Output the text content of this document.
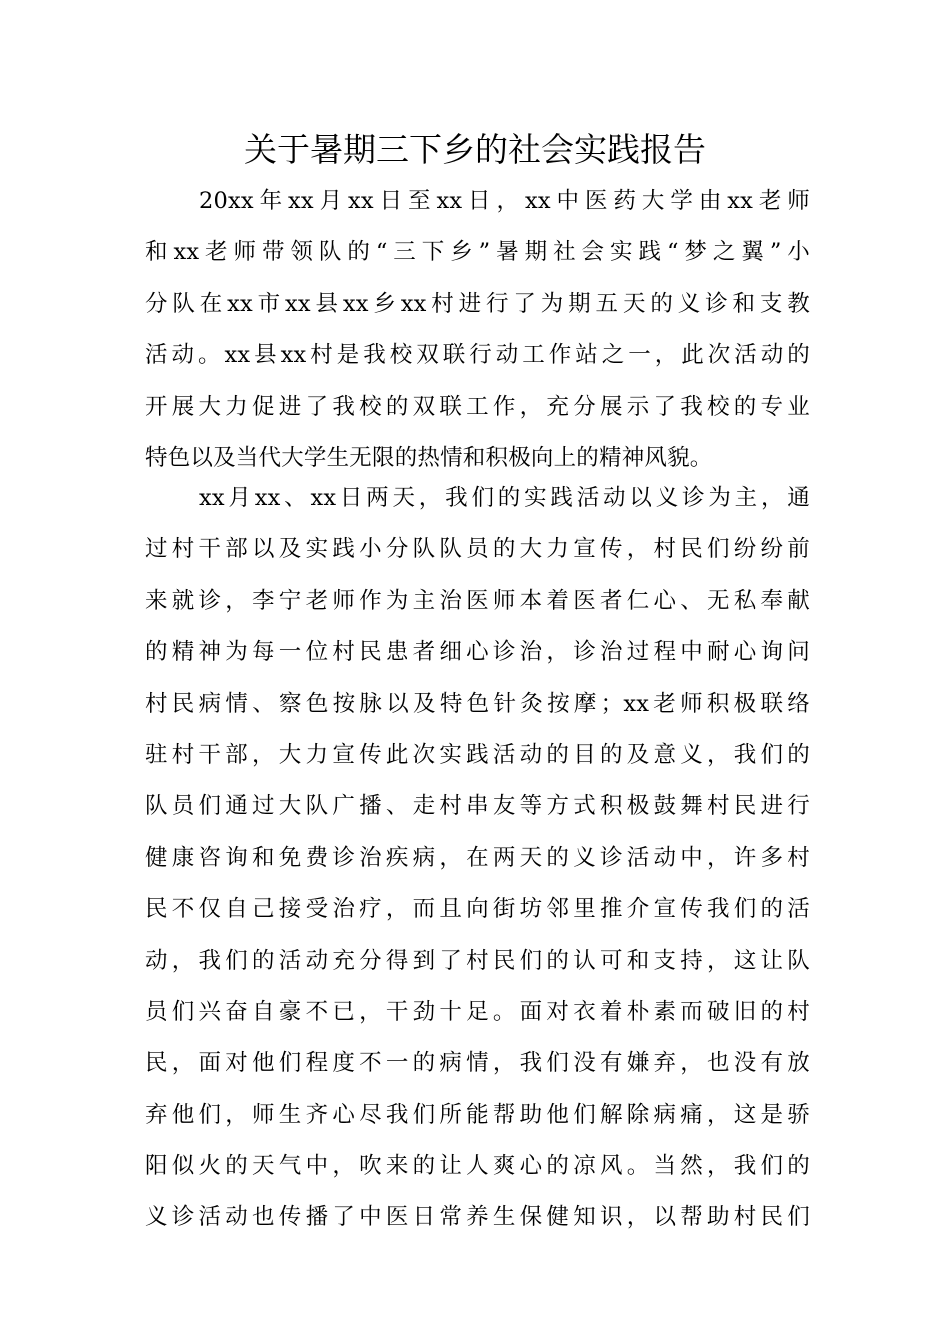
关于暑期三下乡的社会实践报告
20xx年xx月xx日至xx日，xx中医药大学由xx老师
和xx老师带领队的“三下乡”暑期社会实践“梦之翼”小
分队在xx市xx县xx乡xx村进行了为期五天的义诊和支教
活动。xx县xx村是我校双联行动工作站之一，此次活动的
开展大力促进了我校的双联工作，充分展示了我校的专业
特色以及当代大学生无限的热情和积极向上的精神风貌。
xx月xx、xx日两天，我们的实践活动以义诊为主，通
过村干部以及实践小分队队员的大力宣传，村民们纷纷前
来就诊，李宁老师作为主治医师本着医者仁心、无私奉献
的精神为每一位村民患者细心诊治，诊治过程中耐心询问
村民病情、察色按脉以及特色针灸按摩；xx老师积极联络
驻村干部，大力宣传此次实践活动的目的及意义，我们的
队员们通过大队广播、走村串友等方式积极鼓舞村民进行
健康咨询和免费诊治疾病，在两天的义诊活动中，许多村
民不仅自己接受治疗，而且向街坊邻里推介宣传我们的活
动，我们的活动充分得到了村民们的认可和支持，这让队
员们兴奋自豪不已，干劲十足。面对衣着朴素而破旧的村
民，面对他们程度不一的病情，我们没有嫌弃，也没有放
弃他们，师生齐心尽我们所能帮助他们解除病痛，这是骄
阳似火的天气中，吹来的让人爽心的凉风。当然，我们的
义诊活动也传播了中医日常养生保健知识，以帮助村民们
